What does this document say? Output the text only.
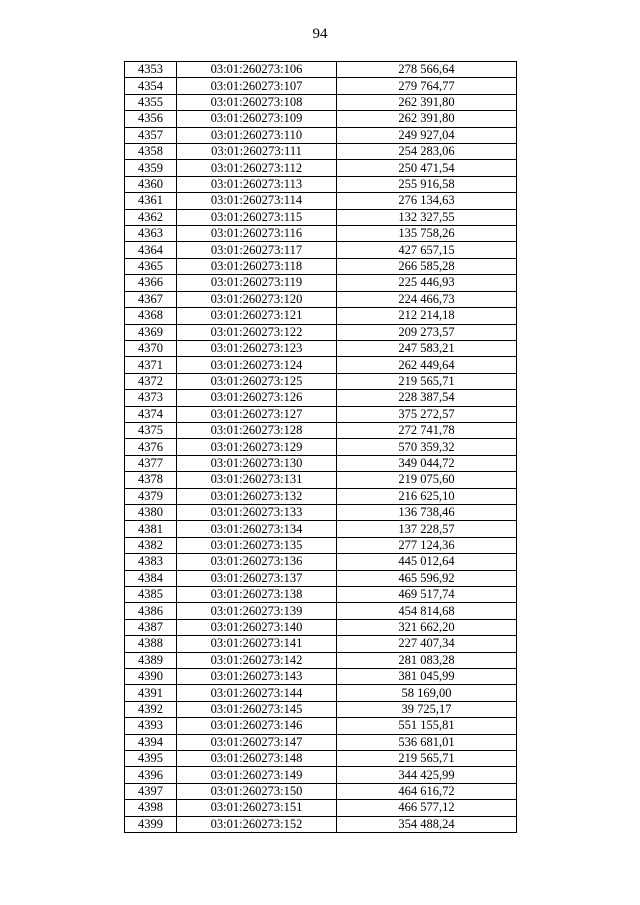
94
4353	03:01:260273:106	278 566,64
4354	03:01:260273:107	279 764,77
4355	03:01:260273:108	262 391,80
4356	03:01:260273:109	262 391,80
4357	03:01:260273:110	249 927,04
4358	03:01:260273:111	254 283,06
4359	03:01:260273:112	250 471,54
4360	03:01:260273:113	255 916,58
4361	03:01:260273:114	276 134,63
4362	03:01:260273:115	132 327,55
4363	03:01:260273:116	135 758,26
4364	03:01:260273:117	427 657,15
4365	03:01:260273:118	266 585,28
4366	03:01:260273:119	225 446,93
4367	03:01:260273:120	224 466,73
4368	03:01:260273:121	212 214,18
4369	03:01:260273:122	209 273,57
4370	03:01:260273:123	247 583,21
4371	03:01:260273:124	262 449,64
4372	03:01:260273:125	219 565,71
4373	03:01:260273:126	228 387,54
4374	03:01:260273:127	375 272,57
4375	03:01:260273:128	272 741,78
4376	03:01:260273:129	570 359,32
4377	03:01:260273:130	349 044,72
4378	03:01:260273:131	219 075,60
4379	03:01:260273:132	216 625,10
4380	03:01:260273:133	136 738,46
4381	03:01:260273:134	137 228,57
4382	03:01:260273:135	277 124,36
4383	03:01:260273:136	445 012,64
4384	03:01:260273:137	465 596,92
4385	03:01:260273:138	469 517,74
4386	03:01:260273:139	454 814,68
4387	03:01:260273:140	321 662,20
4388	03:01:260273:141	227 407,34
4389	03:01:260273:142	281 083,28
4390	03:01:260273:143	381 045,99
4391	03:01:260273:144	58 169,00
4392	03:01:260273:145	39 725,17
4393	03:01:260273:146	551 155,81
4394	03:01:260273:147	536 681,01
4395	03:01:260273:148	219 565,71
4396	03:01:260273:149	344 425,99
4397	03:01:260273:150	464 616,72
4398	03:01:260273:151	466 577,12
4399	03:01:260273:152	354 488,24
